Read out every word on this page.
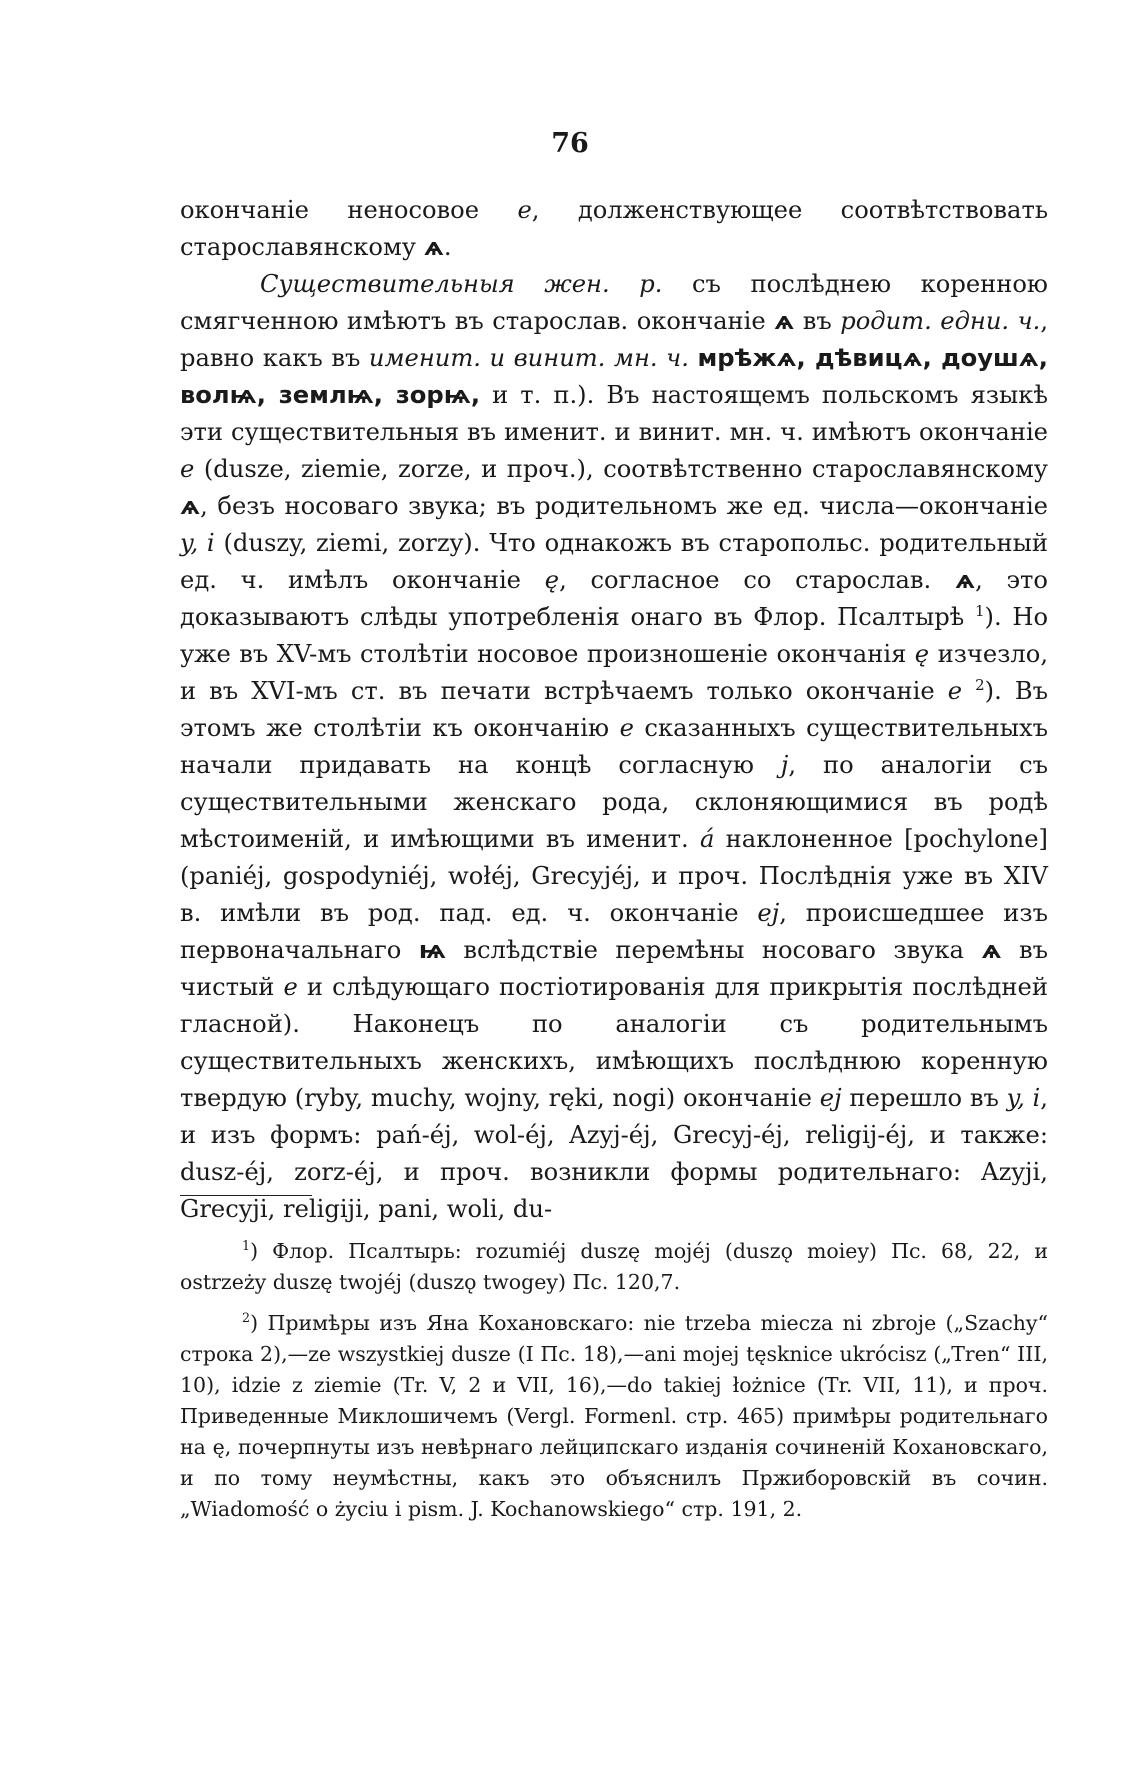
76

окончаніе неносовое e, долженствующее соотвѣтствовать старославянскому ѧ.

Существительныя жен. р. съ послѣднею коренною смягченною имѣютъ въ старослав. окончаніе ѧ въ родит. едни. ч., равно какъ въ именит. и винит. мн. ч. мрѣжѧ, дѣвицѧ, доушѧ, волѩ, землѩ, зорѩ, и т. п.). Въ настоящемъ польскомъ языкѣ эти существительныя въ именит. и винит. мн. ч. имѣютъ окончаніе e (dusze, ziemie, zorze, и проч.), соотвѣтственно старославянскому ѧ, безъ носоваго звука; въ родительномъ же ед. числа—окончаніе y, i (duszy, ziemi, zorzy). Что однакожъ въ старопольс. родительный ед. ч. имѣлъ окончаніе ę, согласное со старослав. ѧ, это доказываютъ слѣды употребленія онаго въ Флор. Псалтырѣ $^1$). Но уже въ XV-мъ столѣтіи носовое произношеніе окончанія ę изчезло, и въ XVI-мъ ст. въ печати встрѣчаемъ только окончаніе e $^2$). Въ этомъ же столѣтіи къ окончанію e сказанныхъ существительныхъ начали придавать на концѣ согласную j, по аналогіи съ существительными женскаго рода, склоняющимися въ родѣ мѣстоименій, и имѣющими въ именит. á наклоненное [pochylone] (paniéj, gospodyniéj, wołéj, Grecyjéj, и проч. Послѣднія уже въ XIV в. имѣли въ род. пад. ед. ч. окончаніе ej, происшедшее изъ первоначальнаго ѩ вслѣдствіе перемѣны носоваго звука ѧ въ чистый e и слѣдующаго постіотированія для прикрытія послѣдней гласной). Наконецъ по аналогіи съ родительнымъ существительныхъ женскихъ, имѣющихъ послѣднюю коренную твердую (ryby, muchy, wojny, ręki, nogi) окончаніе ej перешло въ y, i, и изъ формъ: pań-éj, wol-éj, Azyj-éj, Grecyj-éj, religij-éj, и также: dusz-éj, zorz-éj, и проч. возникли формы родительнаго: Azyji, Grecyji, religiji, pani, woli, du-

$^1$) Флор. Псалтырь: rozumiéj duszę mojéj (duszǫ moiey) Пс. 68, 22, и ostrzeży duszę twojéj (duszǫ twogey) Пс. 120,7.

$^2$) Примѣры изъ Яна Кохановскаго: nie trzeba miecza ni zbroje („Szachy“ строка 2),—ze wszystkiej dusze (I Пс. 18),—ani mojej tęsknice ukrócisz („Tren“ III, 10), idzie z ziemie (Tr. V, 2 и VII, 16),—do takiej łożnice (Tr. VII, 11), и проч. Приведенные Миклошичемъ (Vergl. Formenl. стр. 465) примѣры родительнаго на ę, почерпнуты изъ невѣрнаго лейципскаго изданія сочиненій Кохановскаго, и по тому неумѣстны, какъ это объяснилъ Пржиборовскій въ сочин. „Wiadomość o życiu i pism. J. Kochanowskiego“ стр. 191, 2.
